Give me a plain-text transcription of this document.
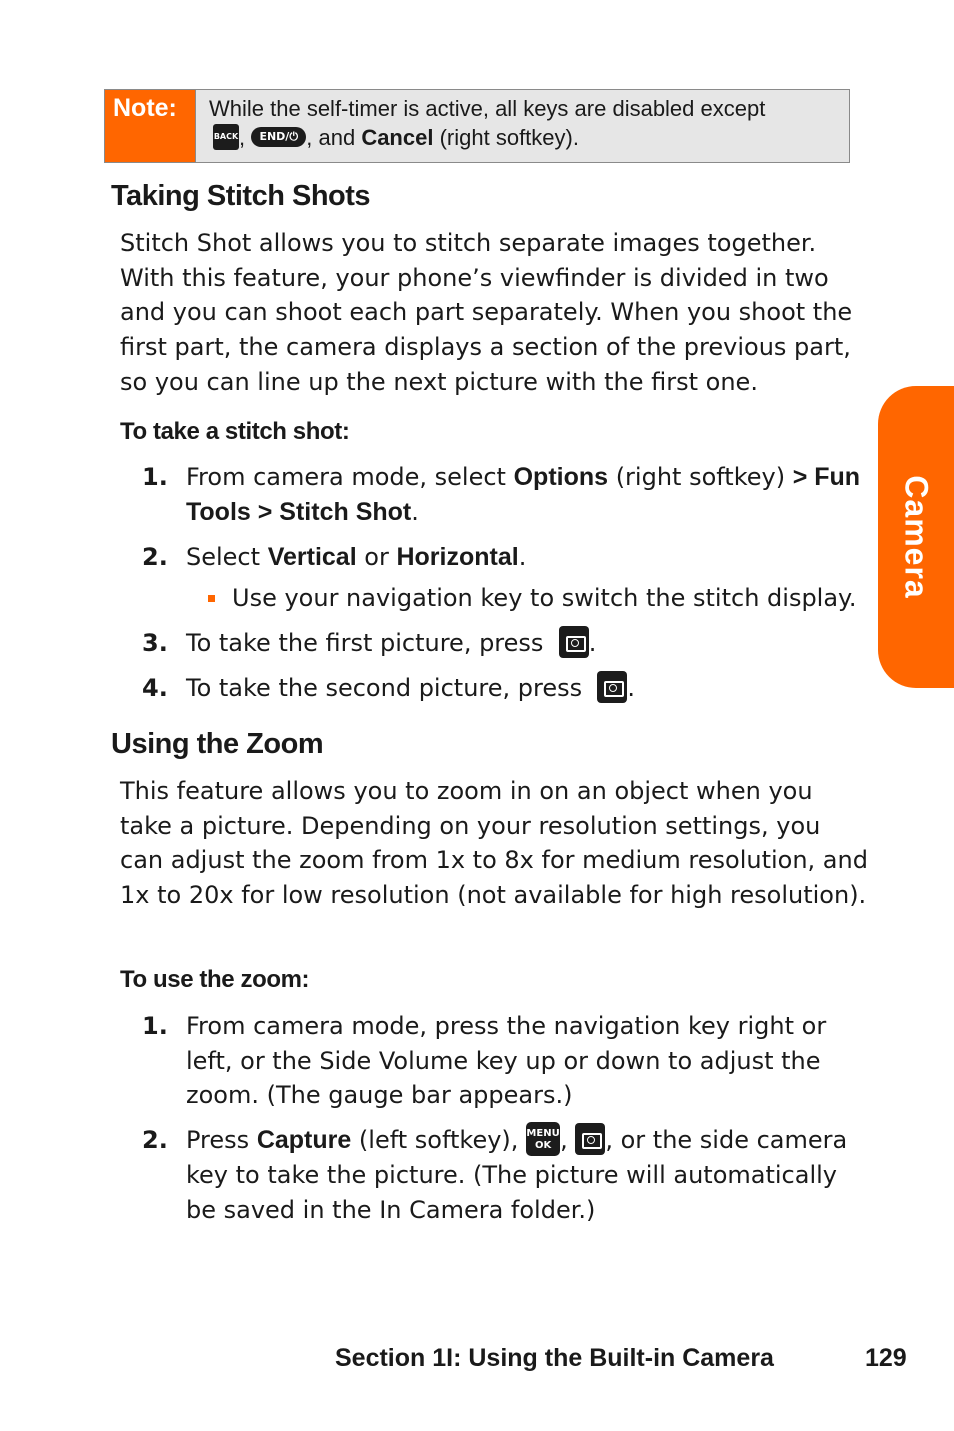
Note:	While the self-timer is active, all keys are disabled except
BACK, END/⏻ , and Cancel (right softkey).
Taking Stitch Shots
Stitch Shot allows you to stitch separate images together. With this feature, your phone’s viewfinder is divided in two and you can shoot each part separately. When you shoot the first part, the camera displays a section of the previous part, so you can line up the next picture with the first one.
To take a stitch shot:
1. From camera mode, select Options (right softkey) > Fun Tools > Stitch Shot.
2. Select Vertical or Horizontal.
Use your navigation key to switch the stitch display.
3. To take the first picture, press .
4. To take the second picture, press .
Using the Zoom
This feature allows you to zoom in on an object when you take a picture. Depending on your resolution settings, you can adjust the zoom from 1x to 8x for medium resolution, and 1x to 20x for low resolution (not available for high resolution).
To use the zoom:
1. From camera mode, press the navigation key right or left, or the Side Volume key up or down to adjust the zoom. (The gauge bar appears.)
2. Press Capture (left softkey), MENU
OK , , or the side camera key to take the picture. (The picture will automatically be saved in the In Camera folder.)
Camera
Section 1I: Using the Built-in Camera	129
